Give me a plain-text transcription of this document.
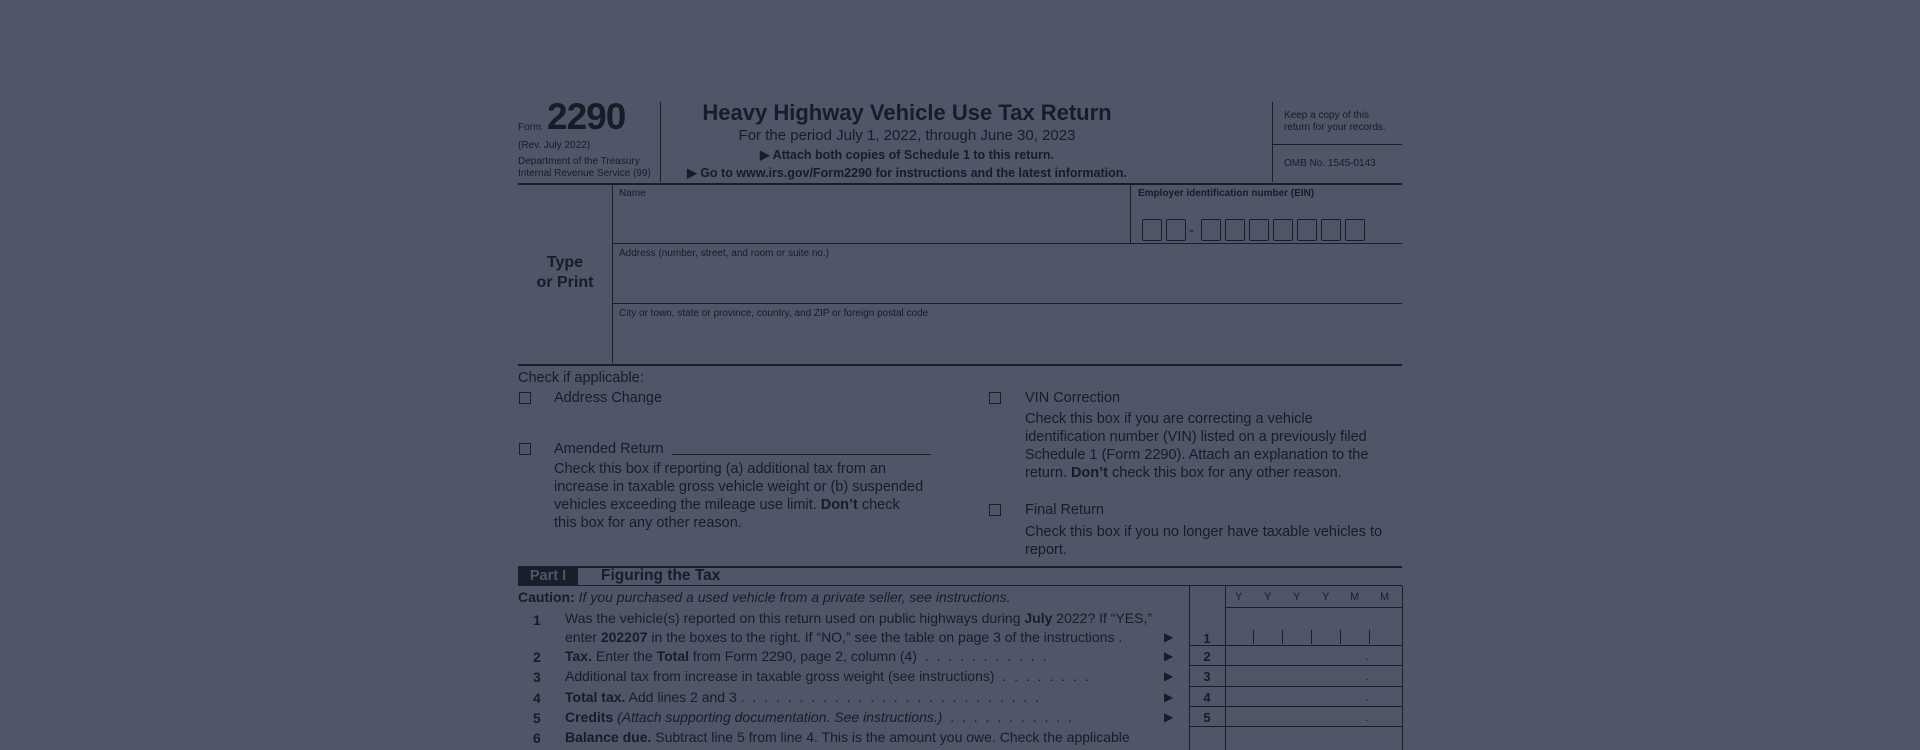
Form 2290
(Rev. July 2022)
Department of the Treasury
Internal Revenue Service (99)
Heavy Highway Vehicle Use Tax Return
For the period July 1, 2022, through June 30, 2023
▶ Attach both copies of Schedule 1 to this return.
▶ Go to www.irs.gov/Form2290 for instructions and the latest information.
Keep a copy of this
return for your records.
OMB No. 1545-0143
Type
or Print
Name	Employer identification number (EIN)
-
Address (number, street, and room or suite no.)
City or town, state or province, country, and ZIP or foreign postal code
Check if applicable:
Address Change
Amended Return
Check this box if reporting (a) additional tax from an
increase in taxable gross vehicle weight or (b) suspended
vehicles exceeding the mileage use limit. Don’t check
this box for any other reason.
VIN Correction
Check this box if you are correcting a vehicle
identification number (VIN) listed on a previously filed
Schedule 1 (Form 2290). Attach an explanation to the
return. Don’t check this box for any other reason.
Final Return
Check this box if you no longer have taxable vehicles to
report.
Part I	Figuring the Tax
Caution: If you purchased a used vehicle from a private seller, see instructions.	Y Y Y Y M M
1 Was the vehicle(s) reported on this return used on public highways during July 2022? If “YES,”
enter 202207 in the boxes to the right. If “NO,” see the table on page 3 of the instructions .	▶	1
2 Tax. Enter the Total from Form 2290, page 2, column (4) . . . . . . . . . . .	▶	2	.
3 Additional tax from increase in taxable gross weight (see instructions) . . . . . . . .	▶	3	.
4 Total tax. Add lines 2 and 3 . . . . . . . . . . . . . . . . . . . . . . . . . .	▶	4	.
5 Credits (Attach supporting documentation. See instructions.) . . . . . . . . . . .	▶	5	.
6 Balance due. Subtract line 5 from line 4. This is the amount you owe. Check the applicable
